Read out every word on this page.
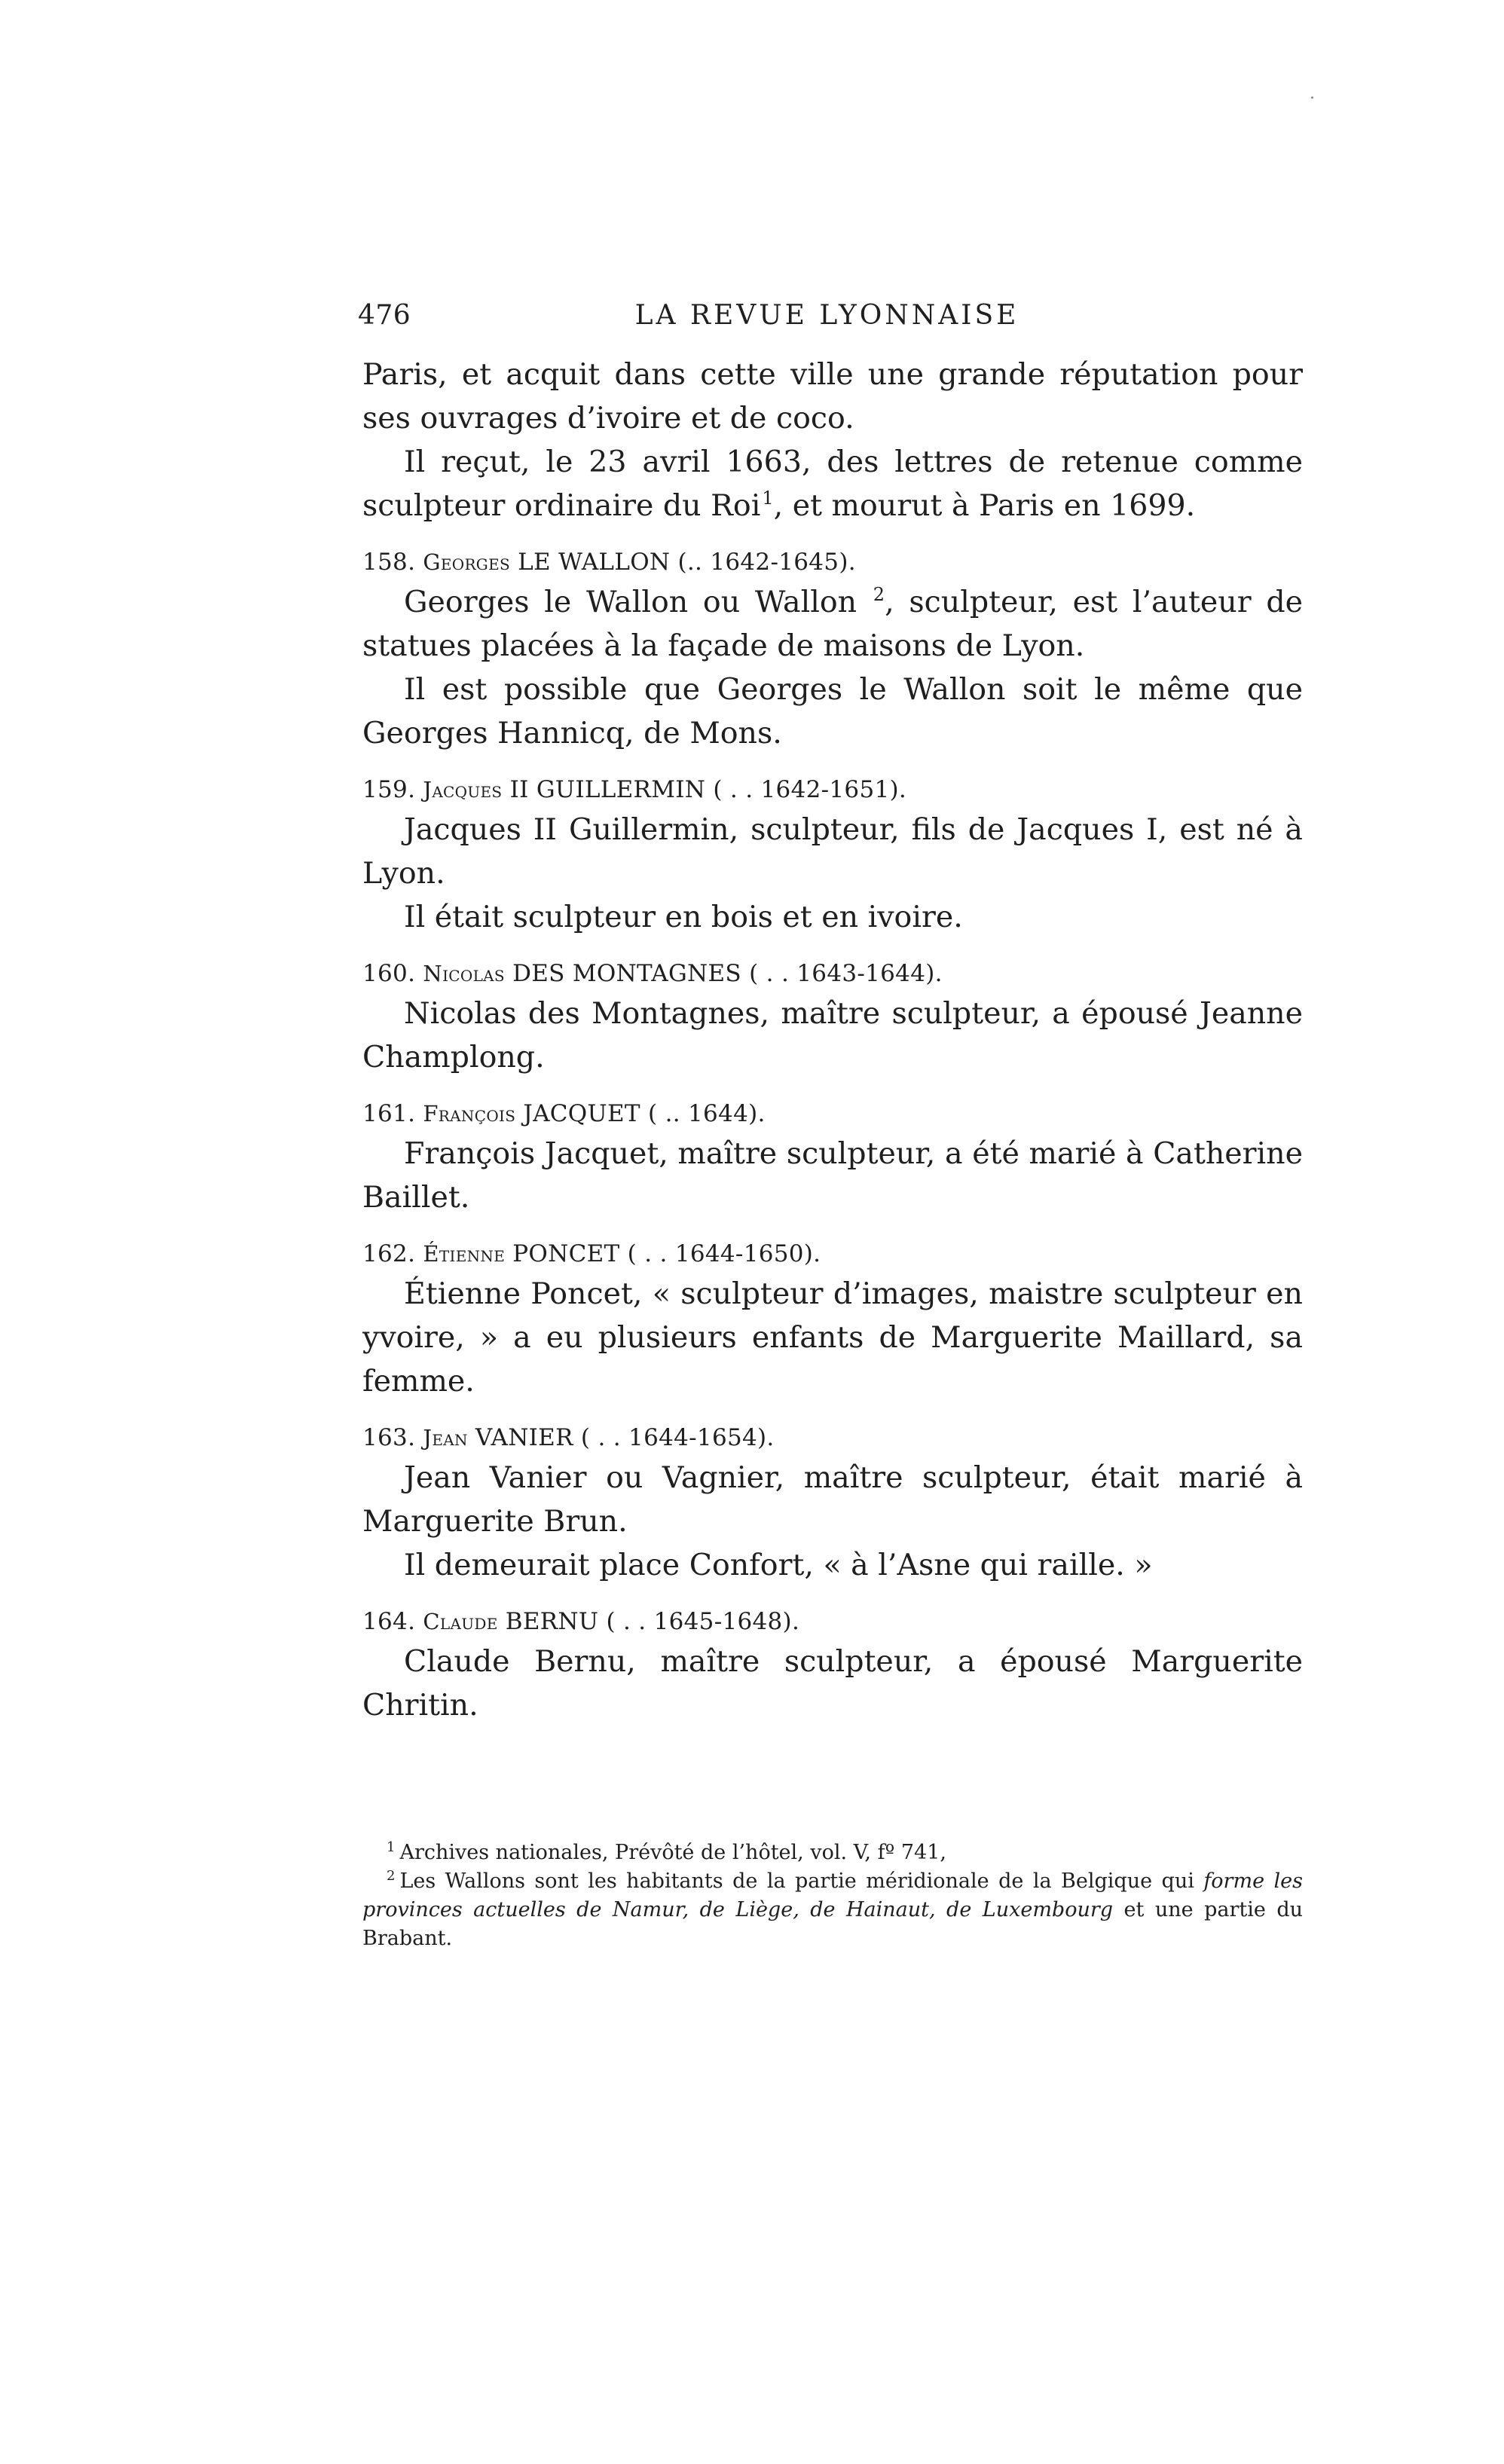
476	LA REVUE LYONNAISE

Paris, et acquit dans cette ville une grande réputation pour ses ouvrages d’ivoire et de coco.

Il reçut, le 23 avril 1663, des lettres de retenue comme sculpteur ordinaire du Roi$^1$, et mourut à Paris en 1699.

158. Georges LE WALLON (.. 1642-1645).

Georges le Wallon ou Wallon $^2$, sculpteur, est l’auteur de statues placées à la façade de maisons de Lyon.

Il est possible que Georges le Wallon soit le même que Georges Hannicq, de Mons.

159. Jacques II GUILLERMIN ( . . 1642-1651).

Jacques II Guillermin, sculpteur, fils de Jacques I, est né à Lyon.

Il était sculpteur en bois et en ivoire.

160. Nicolas DES MONTAGNES ( . . 1643-1644).

Nicolas des Montagnes, maître sculpteur, a épousé Jeanne Champlong.

161. François JACQUET ( .. 1644).

François Jacquet, maître sculpteur, a été marié à Catherine Baillet.

162. Étienne PONCET ( . . 1644-1650).

Étienne Poncet, « sculpteur d’images, maistre sculpteur en yvoire, » a eu plusieurs enfants de Marguerite Maillard, sa femme.

163. Jean VANIER ( . . 1644-1654).

Jean Vanier ou Vagnier, maître sculpteur, était marié à Marguerite Brun.

Il demeurait place Confort, « à l’Asne qui raille. »

164. Claude BERNU ( . . 1645-1648).

Claude Bernu, maître sculpteur, a épousé Marguerite Chritin.

$^1$ Archives nationales, Prévôté de l’hôtel, vol. V, fº 741,

$^2$ Les Wallons sont les habitants de la partie méridionale de la Belgique qui forme les provinces actuelles de Namur, de Liège, de Hainaut, de Luxembourg et une partie du Brabant.
